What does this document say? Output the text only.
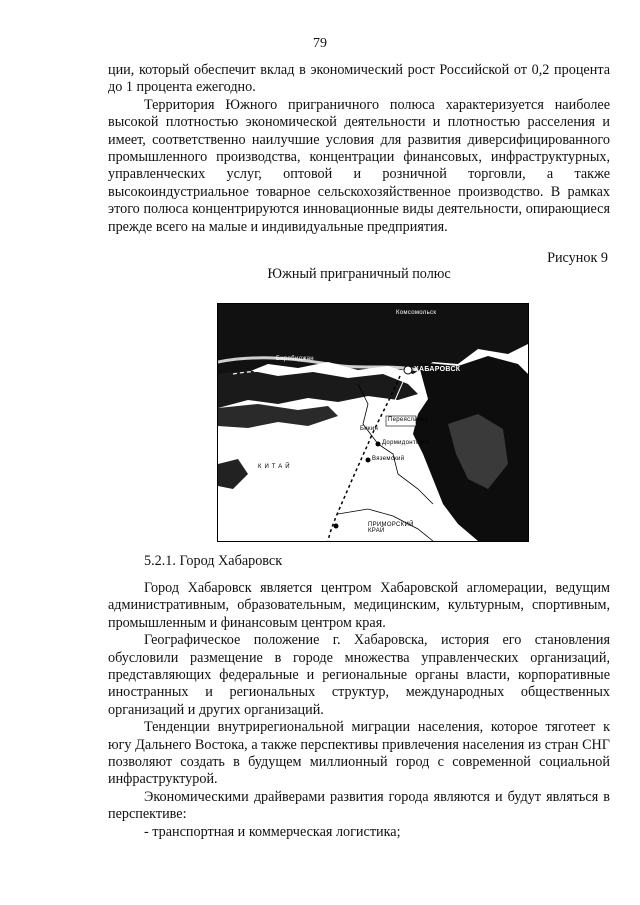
79

ции, который обеспечит вклад в экономический рост Российской от 0,2 процента до 1 процента ежегодно.

Территория Южного приграничного полюса характеризуется наиболее высокой плотностью экономической деятельности и плотностью расселения и имеет, соответственно наилучшие условия для развития диверсифицированного промышленного производства, концентрации финансовых, инфраструктурных, управленческих услуг, оптовой и розничной торговли, а также высокоиндустриальное товарное сельскохозяйственное производство. В рамках этого полюса концентрируются инновационные виды деятельности, опирающиеся прежде всего на малые и индивидуальные предприятия.

Рисунок 9
Южный приграничный полюс
Комсомольск
Биробиджан
ХАБАРОВСК
Переяславка
Бикин
Дормидонтовка
Вяземский
КИТАЙ
ПРИМОРСКИЙ КРАЙ
5.2.1. Город Хабаровск

Город Хабаровск является центром Хабаровской агломерации, ведущим административным, образовательным, медицинским, культурным, спортивным, промышленным и финансовым центром края.

Географическое положение г. Хабаровска, история его становления обусловили размещение в городе множества управленческих организаций, представляющих федеральные и региональные органы власти, корпоративные иностранных и региональных структур, международных общественных организаций и других организаций.

Тенденции внутрирегиональной миграции населения, которое тяготеет к югу Дальнего Востока, а также перспективы привлечения населения из стран СНГ позволяют создать в будущем миллионный город с современной социальной инфраструктурой.

Экономическими драйверами развития города являются и будут являться в перспективе:

- транспортная и коммерческая логистика;
